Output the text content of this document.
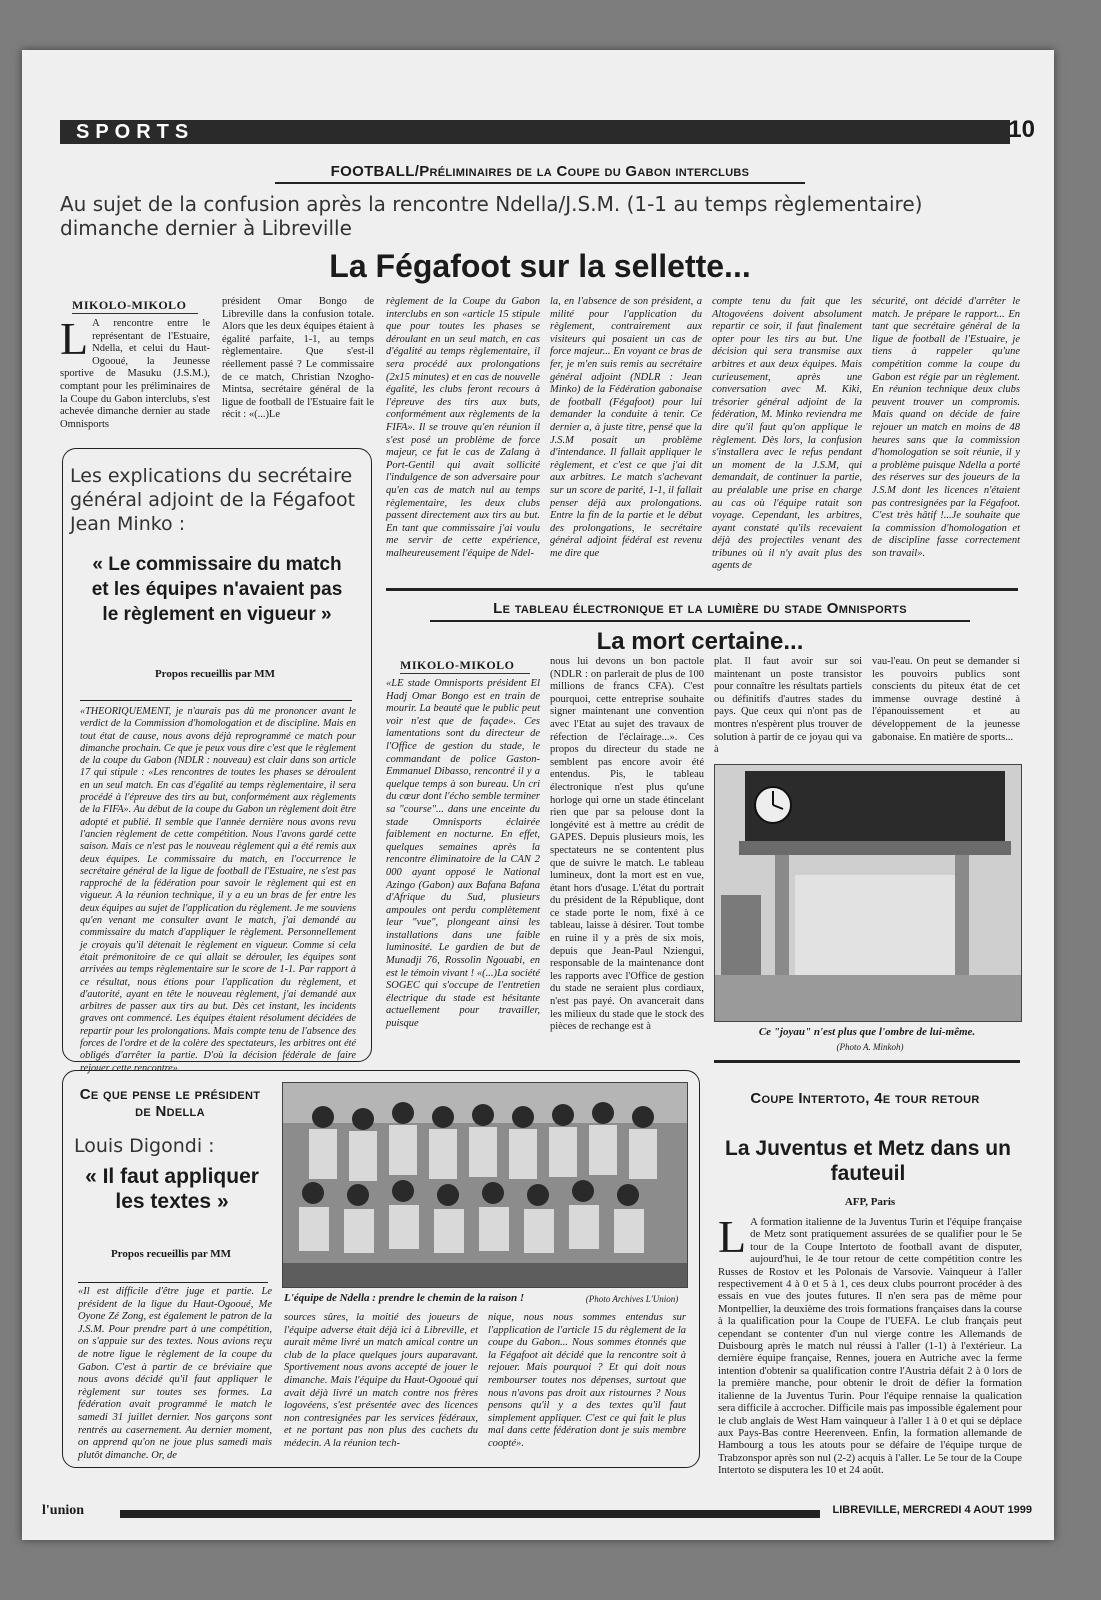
SPORTS	10
FOOTBALL/Préliminaires de la Coupe du Gabon interclubs
Au sujet de la confusion après la rencontre Ndella/J.S.M. (1-1 au temps règlementaire) dimanche dernier à Libreville
La Fégafoot sur la sellette...
MIKOLO-MIKOLO
L A rencontre entre le représentant de l'Estuaire, Ndella, et celui du Haut-Ogooué, la Jeunesse sportive de Masuku (J.S.M.), comptant pour les préliminaires de la Coupe du Gabon interclubs, s'est achevée dimanche dernier au stade Omnisports
président Omar Bongo de Libreville dans la confusion totale. Alors que les deux équipes étaient à égalité parfaite, 1-1, au temps règlementaire. Que s'est-il réellement passé ? Le commissaire de ce match, Christian Nzogho-Mintsa, secrétaire général de la ligue de football de l'Estuaire fait le récit : «(...)Le
règlement de la Coupe du Gabon interclubs en son «article 15 stipule que pour toutes les phases se déroulant en un seul match, en cas d'égalité au temps règlementaire, il sera procédé aux prolongations (2x15 minutes) et en cas de nouvelle égalité, les clubs feront recours à l'épreuve des tirs aux buts, conformément aux règlements de la FIFA». Il se trouve qu'en réunion il s'est posé un problème de force majeur, ce fut le cas de Zalang à Port-Gentil qui avait sollicité l'indulgence de son adversaire pour qu'en cas de match nul au temps règlementaire, les deux clubs passent directement aux tirs au but. En tant que commissaire j'ai voulu me servir de cette expérience, malheureusement l'équipe de Ndel-
la, en l'absence de son président, a milité pour l'application du règlement, contrairement aux visiteurs qui posaient un cas de force majeur... En voyant ce bras de fer, je m'en suis remis au secrétaire général adjoint (NDLR : Jean Minko) de la Fédération gabonaise de football (Fégafoot) pour lui demander la conduite à tenir. Ce dernier a, à juste titre, pensé que la J.S.M posait un problème d'intendance. Il fallait appliquer le règlement, et c'est ce que j'ai dit aux arbitres. Le match s'achevant sur un score de parité, 1-1, il fallait penser déjà aux prolongations. Entre la fin de la partie et le début des prolongations, le secrétaire général adjoint fédéral est revenu me dire que
compte tenu du fait que les Altogovéens doivent absolument repartir ce soir, il faut finalement opter pour les tirs au but. Une décision qui sera transmise aux arbitres et aux deux équipes. Mais curieusement, après une conversation avec M. Kiki, trésorier général adjoint de la fédération, M. Minko reviendra me dire qu'il faut qu'on applique le règlement. Dès lors, la confusion s'installera avec le refus pendant un moment de la J.S.M, qui demandait, de continuer la partie, au préalable une prise en charge au cas où l'équipe ratait son voyage. Cependant, les arbitres, ayant constaté qu'ils recevaient déjà des projectiles venant des tribunes où il n'y avait plus des agents de
sécurité, ont décidé d'arrêter le match. Je prépare le rapport... En tant que secrétaire général de la ligue de football de l'Estuaire, je tiens à rappeler qu'une compétition comme la coupe du Gabon est régie par un règlement. En réunion technique deux clubs peuvent trouver un compromis. Mais quand on décide de faire rejouer un match en moins de 48 heures sans que la commission d'homologation se soit réunie, il y a problème puisque Ndella a porté des réserves sur des joueurs de la J.S.M dont les licences n'étaient pas contresignées par la Fégafoot. C'est très hâtif !...Je souhaite que la commission d'homologation et de discipline fasse correctement son travail».
Les explications du secrétaire général adjoint de la Fégafoot Jean Minko :
« Le commissaire du match et les équipes n'avaient pas le règlement en vigueur »
Propos recueillis par MM
«THEORIQUEMENT, je n'aurais pas dû me prononcer avant le verdict de la Commission d'homologation et de discipline. Mais en tout état de cause, nous avons déjà reprogrammé ce match pour dimanche prochain. Ce que je peux vous dire c'est que le règlement de la coupe du Gabon (NDLR : nouveau) est clair dans son article 17 qui stipule : «Les rencontres de toutes les phases se déroulent en un seul match. En cas d'égalité au temps règlementaire, il sera procédé à l'épreuve des tirs au but, conformément aux règlements de la FIFA». Au début de la coupe du Gabon un règlement doit être adopté et publié. Il semble que l'année dernière nous avons revu l'ancien règlement de cette compétition. Nous l'avons gardé cette saison. Mais ce n'est pas le nouveau règlement qui a été remis aux deux équipes. Le commissaire du match, en l'occurrence le secrétaire général de la ligue de football de l'Estuaire, ne s'est pas rapproché de la fédération pour savoir le règlement qui est en vigueur. A la réunion technique, il y a eu un bras de fer entre les deux équipes au sujet de l'application du règlement. Je me souviens qu'en venant me consulter avant le match, j'ai demandé au commissaire du match d'appliquer le règlement. Personnellement je croyais qu'il détenait le règlement en vigueur. Comme si cela était prémonitoire de ce qui allait se dérouler, les équipes sont arrivées au temps règlementaire sur le score de 1-1. Par rapport à ce résultat, nous étions pour l'application du règlement, et d'autorité, ayant en tête le nouveau règlement, j'ai demandé aux arbitres de passer aux tirs au but. Dès cet instant, les incidents graves ont commencé. Les équipes étaient résolument décidées de repartir pour les prolongations. Mais compte tenu de l'absence des forces de l'ordre et de la colère des spectateurs, les arbitres ont été obligés d'arrêter la partie. D'où la décision fédérale de faire rejouer cette rencontre».
Le tableau électronique et la lumière du stade Omnisports
La mort certaine...
MIKOLO-MIKOLO
«LE stade Omnisports président El Hadj Omar Bongo est en train de mourir. La beauté que le public peut voir n'est que de façade». Ces lamentations sont du directeur de l'Office de gestion du stade, le commandant de police Gaston-Emmanuel Dibasso, rencontré il y a quelque temps à son bureau. Un cri du cœur dont l'écho semble terminer sa "course"... dans une enceinte du stade Omnisports éclairée faiblement en nocturne. En effet, quelques semaines après la rencontre éliminatoire de la CAN 2 000 ayant opposé le National Azingo (Gabon) aux Bafana Bafana d'Afrique du Sud, plusieurs ampoules ont perdu complètement leur "vue", plongeant ainsi les installations dans une faible luminosité. Le gardien de but de Munadji 76, Rossolin Ngouabi, en est le témoin vivant ! «(...)La société SOGEC qui s'occupe de l'entretien électrique du stade est hésitante actuellement pour travailler, puisque
nous lui devons un bon pactole (NDLR : on parlerait de plus de 100 millions de francs CFA). C'est pourquoi, cette entreprise souhaite signer maintenant une convention avec l'Etat au sujet des travaux de réfection de l'éclairage...». Ces propos du directeur du stade ne semblent pas encore avoir été entendus. Pis, le tableau électronique n'est plus qu'une horloge qui orne un stade étincelant rien que par sa pelouse dont la longévité est à mettre au crédit de GAPES. Depuis plusieurs mois, les spectateurs ne se contentent plus que de suivre le match. Le tableau lumineux, dont la mort est en vue, étant hors d'usage. L'état du portrait du président de la République, dont ce stade porte le nom, fixé à ce tableau, laisse à désirer. Tout tombe en ruine il y a près de six mois, depuis que Jean-Paul Nziengui, responsable de la maintenance dont les rapports avec l'Office de gestion du stade ne seraient plus cordiaux, n'est pas payé. On avancerait dans les milieux du stade que le stock des pièces de rechange est à
plat. Il faut avoir sur soi maintenant un poste transistor pour connaître les résultats partiels ou définitifs d'autres stades du pays. Que ceux qui n'ont pas de montres n'espèrent plus trouver de solution à partir de ce joyau qui va à
vau-l'eau. On peut se demander si les pouvoirs publics sont conscients du piteux état de cet immense ouvrage destiné à l'épanouissement et au développement de la jeunesse gabonaise. En matière de sports...
Ce "joyau" n'est plus que l'ombre de lui-même.
(Photo A. Minkoh)
Ce que pense le président de Ndella
Louis Digondi :
« Il faut appliquer les textes »
Propos recueillis par MM
«Il est difficile d'être juge et partie. Le président de la ligue du Haut-Ogooué, Me Oyone Zé Zong, est également le patron de la J.S.M. Pour prendre part à une compétition, on s'appuie sur des textes. Nous avions reçu de notre ligue le règlement de la coupe du Gabon. C'est à partir de ce bréviaire que nous avons décidé qu'il faut appliquer le règlement sur toutes ses formes. La fédération avait programmé le match le samedi 31 juillet dernier. Nos garçons sont rentrés au casernement. Au dernier moment, on apprend qu'on ne joue plus samedi mais plutôt dimanche. Or, de
L'équipe de Ndella : prendre le chemin de la raison !	(Photo Archives L'Union)
sources sûres, la moitié des joueurs de l'équipe adverse était déjà ici à Libreville, et aurait même livré un match amical contre un club de la place quelques jours auparavant. Sportivement nous avons accepté de jouer le dimanche. Mais l'équipe du Haut-Ogooué qui avait déjà livré un match contre nos frères logovéens, s'est présentée avec des licences non contresignées par les services fédéraux, et ne portant pas non plus des cachets du médecin. A la réunion tech-
nique, nous nous sommes entendus sur l'application de l'article 15 du règlement de la coupe du Gabon... Nous sommes étonnés que la Fégafoot ait décidé que la rencontre soit à rejouer. Mais pourquoi ? Et qui doit nous rembourser toutes nos dépenses, surtout que nous n'avons pas droit aux ristournes ? Nous pensons qu'il y a des textes qu'il faut simplement appliquer. C'est ce qui fait le plus mal dans cette fédération dont je suis membre coopté».
Coupe Intertoto, 4e tour retour
La Juventus et Metz dans un fauteuil
AFP, Paris
L A formation italienne de la Juventus Turin et l'équipe française de Metz sont pratiquement assurées de se qualifier pour le 5e tour de la Coupe Intertoto de football avant de disputer, aujourd'hui, le 4e tour retour de cette compétition contre les Russes de Rostov et les Polonais de Varsovie. Vainqueur à l'aller respectivement 4 à 0 et 5 à 1, ces deux clubs pourront procéder à des essais en vue des joutes futures. Il n'en sera pas de même pour Montpellier, la deuxième des trois formations françaises dans la course à la qualification pour la Coupe de l'UEFA. Le club français peut cependant se contenter d'un nul vierge contre les Allemands de Duisbourg après le match nul réussi à l'aller (1-1) à l'extérieur. La dernière équipe française, Rennes, jouera en Autriche avec la ferme intention d'obtenir sa qualification contre l'Austria défait 2 à 0 lors de la première manche, pour obtenir le droit de défier la formation italienne de la Juventus Turin. Pour l'équipe rennaise la qualication sera difficile à accrocher. Difficile mais pas impossible également pour le club anglais de West Ham vainqueur à l'aller 1 à 0 et qui se déplace aux Pays-Bas contre Heerenveen. Enfin, la formation allemande de Hambourg a tous les atouts pour se défaire de l'équipe turque de Trabzonspor après son nul (2-2) acquis à l'aller. Le 5e tour de la Coupe Intertoto se disputera les 10 et 24 août.
l'union	LIBREVILLE, MERCREDI 4 AOUT 1999
